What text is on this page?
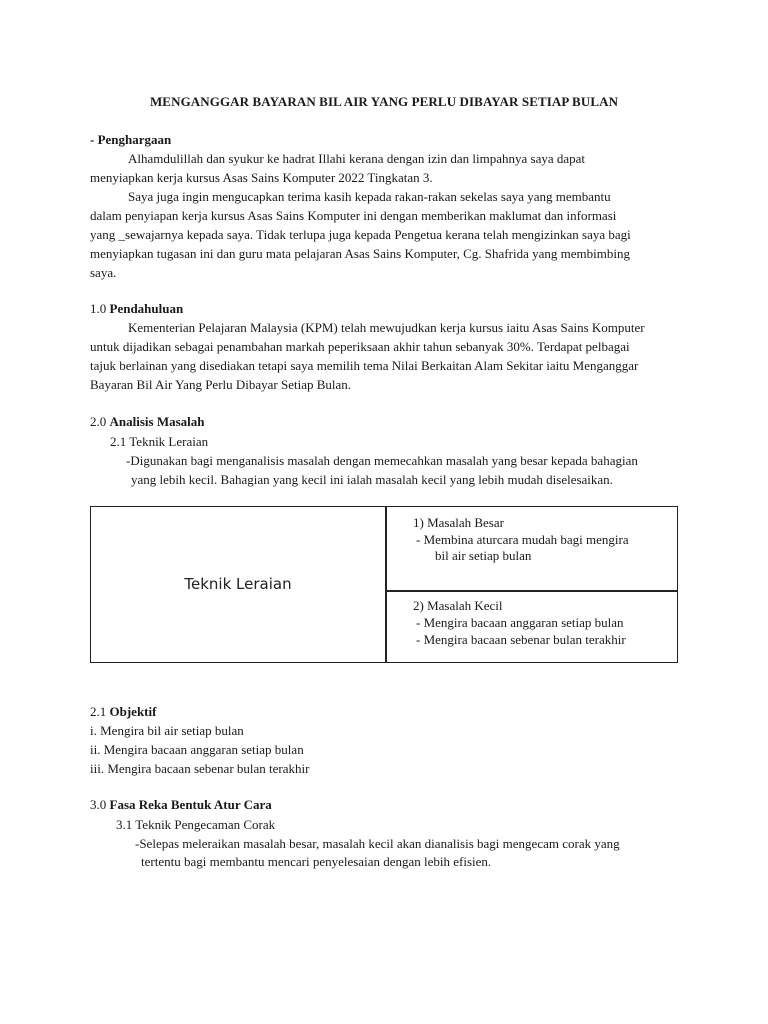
MENGANGGAR BAYARAN BIL AIR YANG PERLU DIBAYAR SETIAP BULAN
- Penghargaan
Alhamdulillah dan syukur ke hadrat Illahi kerana dengan izin dan limpahnya saya dapat
menyiapkan kerja kursus Asas Sains Komputer 2022 Tingkatan 3.
Saya juga ingin mengucapkan terima kasih kepada rakan-rakan sekelas saya yang membantu
dalam penyiapan kerja kursus Asas Sains Komputer ini dengan memberikan maklumat dan informasi
yang _sewajarnya kepada saya. Tidak terlupa juga kepada Pengetua kerana telah mengizinkan saya bagi
menyiapkan tugasan ini dan guru mata pelajaran Asas Sains Komputer, Cg. Shafrida yang membimbing
saya.
1.0 Pendahuluan
Kementerian Pelajaran Malaysia (KPM) telah mewujudkan kerja kursus iaitu Asas Sains Komputer
untuk dijadikan sebagai penambahan markah peperiksaan akhir tahun sebanyak 30%. Terdapat pelbagai
tajuk berlainan yang disediakan tetapi saya memilih tema Nilai Berkaitan Alam Sekitar iaitu Menganggar
Bayaran Bil Air Yang Perlu Dibayar Setiap Bulan.
2.0 Analisis Masalah
2.1 Teknik Leraian
-Digunakan bagi menganalisis masalah dengan memecahkan masalah yang besar kepada bahagian
yang lebih kecil. Bahagian yang kecil ini ialah masalah kecil yang lebih mudah diselesaikan.
Teknik Leraian
1) Masalah Besar
- Membina aturcara mudah bagi mengira
bil air setiap bulan
2) Masalah Kecil
- Mengira bacaan anggaran setiap bulan
- Mengira bacaan sebenar bulan terakhir
2.1 Objektif
i. Mengira bil air setiap bulan
ii. Mengira bacaan anggaran setiap bulan
iii. Mengira bacaan sebenar bulan terakhir
3.0 Fasa Reka Bentuk Atur Cara
3.1 Teknik Pengecaman Corak
-Selepas meleraikan masalah besar, masalah kecil akan dianalisis bagi mengecam corak yang
tertentu bagi membantu mencari penyelesaian dengan lebih efisien.
